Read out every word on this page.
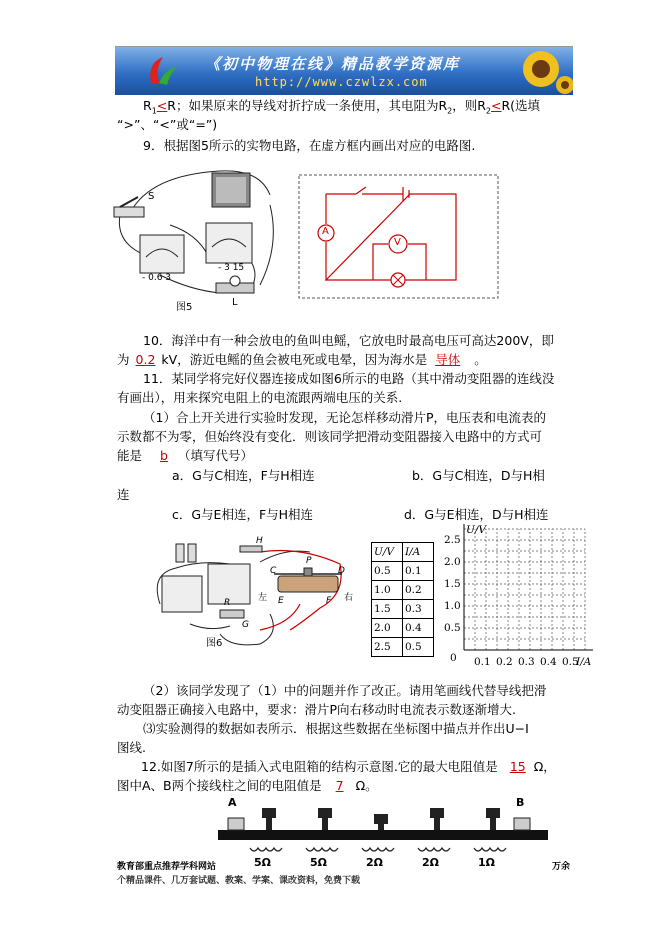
《初中物理在线》精品教学资源库
http://www.czwlzx.com
$R_1<R$；如果原来的导线对折拧成一条使用，其电阻为$R_2$，则$R_2<R$(选填
“>”、“<”或“=”)
9．根据图5所示的实物电路，在虚方框内画出对应的电路图.
S
L
- 0.6 3
- 3 15
图5
A
V
10．海洋中有一种会放电的鱼叫电鳐，它放电时最高电压可高达200V，即
为 0.2 kV，游近电鳐的鱼会被电死或电晕，因为海水是 导体 。
11．某同学将完好仪器连接成如图6所示的电路（其中滑动变阻器的连线没
有画出），用来探究电阻上的电流跟两端电压的关系.
（1）合上开关进行实验时发现，无论怎样移动滑片P，电压表和电流表的
示数都不为零，但始终没有变化．则该同学把滑动变阻器接入电路中的方式可
能是 b （填写代号）
a．G与C相连，F与H相连	b．G与C相连，D与H相
连
c．G与E相连，F与H相连	d．G与E相连，D与H相连
H
C
P
D
E	F
G
R	左	右
图6
U/V	I/A
0.5	0.1
1.0	0.2
1.5	0.3
2.0	0.4
2.5	0.5
U/V
I/A
0
2.5
2.0
1.5
1.0
0.5
0.1 0.2 0.3 0.4 0.5
（2）该同学发现了（1）中的问题并作了改正。请用笔画线代替导线把滑
动变阻器正确接入电路中，要求：滑片P向右移动时电流表示数逐渐增大.
⑶实验测得的数据如表所示．根据这些数据在坐标图中描点并作出U−I
图线.
12.如图7所示的是插入式电阻箱的结构示意图.它的最大电阻值是 15 Ω，
图中A、B两个接线柱之间的电阻值是 7 Ω。
A	B
5Ω	5Ω	2Ω	2Ω	1Ω
教育部重点推荐学科网站	万余
个精品课件、几万套试题、教案、学案、课改资料，免费下载
